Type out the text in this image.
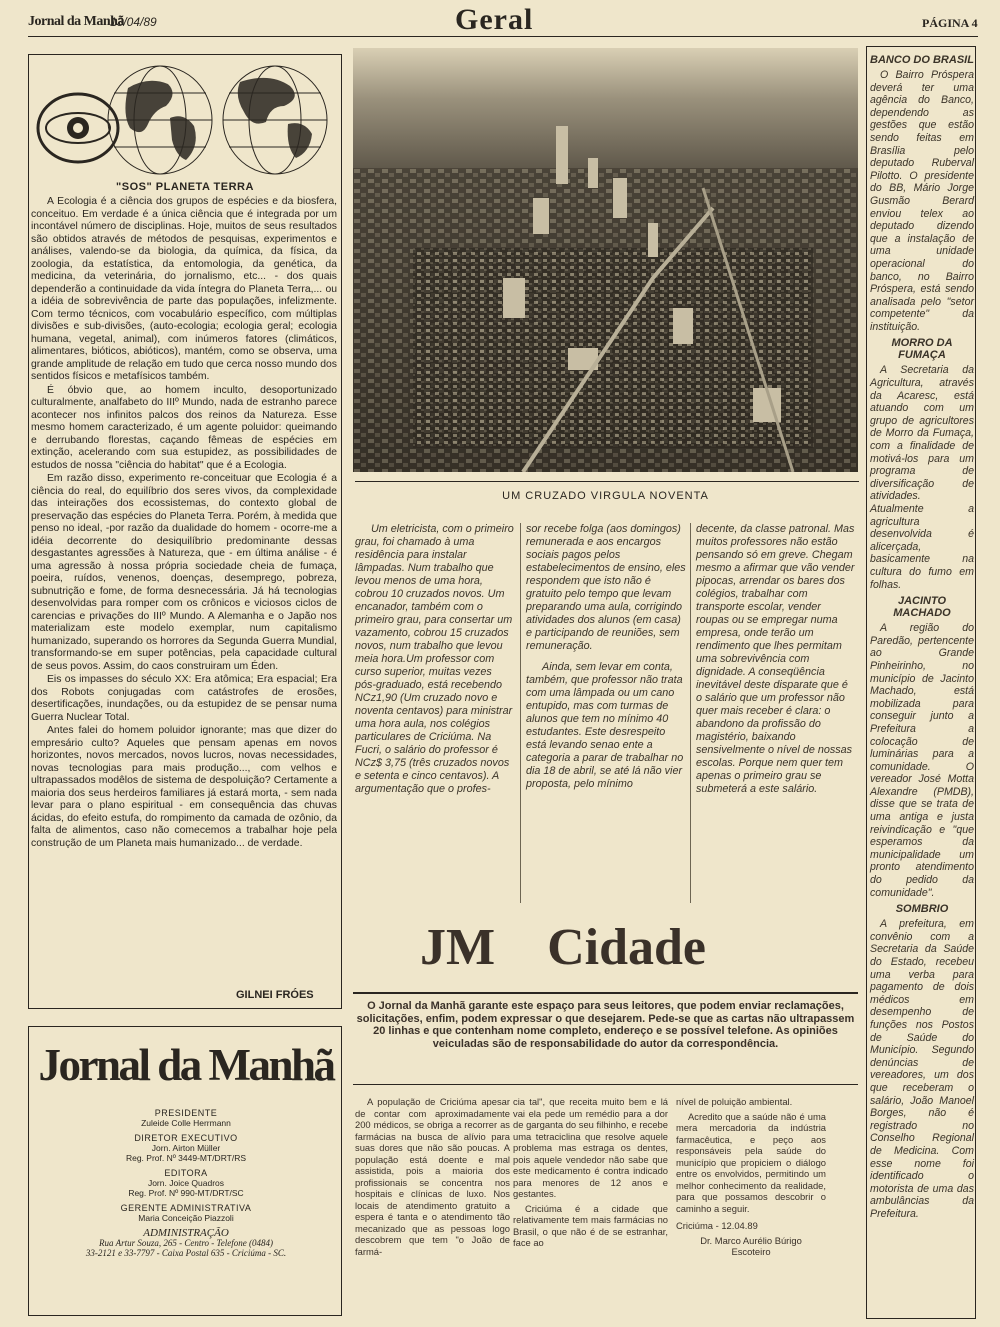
Jornal da Manhã
13/04/89	Geral	PÁGINA 4
"SOS" PLANETA TERRA

A Ecologia é a ciência dos grupos de espécies e da biosfera, conceituo. Em verdade é a única ciência que é integrada por um incontável número de disciplinas. Hoje, muitos de seus resultados são obtidos através de métodos de pesquisas, experimentos e análises, valendo-se da biologia, da química, da física, da zoologia, da estatística, da entomologia, da genética, da medicina, da veterinária, do jornalismo, etc... - dos quais dependerão a continuidade da vida íntegra do Planeta Terra,... ou a idéia de sobrevivência de parte das populações, infelizmente. Com termo técnicos, com vocabulário específico, com múltiplas divisões e sub-divisões, (auto-ecologia; ecologia geral; ecologia humana, vegetal, animal), com inúmeros fatores (climáticos, alimentares, bióticos, abióticos), mantém, como se observa, uma grande amplitude de relação em tudo que cerca nosso mundo dos sentidos físicos e metafísicos também.

É óbvio que, ao homem inculto, desoportunizado culturalmente, analfabeto do IIIº Mundo, nada de estranho parece acontecer nos infinitos palcos dos reinos da Natureza. Esse mesmo homem caracterizado, é um agente poluidor: queimando e derrubando florestas, caçando fêmeas de espécies em extinção, acelerando com sua estupidez, as possibilidades de estudos de nossa "ciência do habitat" que é a Ecologia.

Em razão disso, experimento re-conceituar que Ecologia é a ciência do real, do equilíbrio dos seres vivos, da complexidade das inteirações dos ecossistemas, do contexto global de preservação das espécies do Planeta Terra. Porém, à medida que penso no ideal, -por razão da dualidade do homem - ocorre-me a idéia decorrente do desiquilíbrio predominante dessas desgastantes agressões à Natureza, que - em última análise - é uma agressão à nossa própria sociedade cheia de fumaça, poeira, ruídos, venenos, doenças, desemprego, pobreza, subnutrição e fome, de forma desnecessária. Já há tecnologias desenvolvidas para romper com os crônicos e viciosos ciclos de carencias e privações do IIIº Mundo. A Alemanha e o Japão nos materializam este modelo exemplar, num capitalismo humanizado, superando os horrores da Segunda Guerra Mundial, transformando-se em super potências, pela capacidade cultural de seus povos. Assim, do caos construiram um Éden.

Eis os impasses do século XX: Era atômica; Era espacial; Era dos Robots conjugadas com catástrofes de erosões, desertificações, inundações, ou da estupidez de se pensar numa Guerra Nuclear Total.

Antes falei do homem poluidor ignorante; mas que dizer do empresário culto? Aqueles que pensam apenas em novos horizontes, novos mercados, novos lucros, novas necessidades, novas tecnologias para mais produção..., com velhos e ultrapassados modêlos de sistema de despoluição? Certamente a maioria dos seus herdeiros familiares já estará morta, - sem nada levar para o plano espiritual - em consequência das chuvas ácidas, do efeito estufa, do rompimento da camada de ozônio, da falta de alimentos, caso não comecemos a trabalhar hoje pela construção de um Planeta mais humanizado... de verdade.

GILNEI FRÓES
Jornal da Manhã
PRESIDENTE
Zuleide Colle Herrmann
DIRETOR EXECUTIVO
Jorn. Airton Müller
Reg. Prof. Nº 3449-MT/DRT/RS
EDITORA
Jorn. Joice Quadros
Reg. Prof. Nº 990-MT/DRT/SC
GERENTE ADMINISTRATIVA
Maria Conceição Piazzoli
ADMINISTRAÇÃO
Rua Artur Souza, 265 - Centro - Telefone (0484)
33-2121 e 33-7797 - Caixa Postal 635 - Criciúma - SC.
UM CRUZADO VIRGULA NOVENTA

Um eletricista, com o primeiro grau, foi chamado à uma residência para instalar lâmpadas. Num trabalho que levou menos de uma hora, cobrou 10 cruzados novos. Um encanador, também com o primeiro grau, para consertar um vazamento, cobrou 15 cruzados novos, num trabalho que levou meia hora.Um professor com curso superior, muitas vezes pós-graduado, está recebendo NCz1,90 (Um cruzado novo e noventa centavos) para ministrar uma hora aula, nos colégios particulares de Criciúma. Na Fucri, o salário do professor é NCz$ 3,75 (três cruzados novos e setenta e cinco centavos). A argumentação que o profes-

sor recebe folga (aos domingos) remunerada e aos encargos sociais pagos pelos estabelecimentos de ensino, eles respondem que isto não é gratuito pelo tempo que levam preparando uma aula, corrigindo atividades dos alunos (em casa) e participando de reuniões, sem remuneração.

Ainda, sem levar em conta, também, que professor não trata com uma lâmpada ou um cano entupido, mas com turmas de alunos que tem no mínimo 40 estudantes. Este desrespeito está levando senao ente a categoria a parar de trabalhar no dia 18 de abril, se até lá não vier proposta, pelo mínimo

decente, da classe patronal. Mas muitos professores não estão pensando só em greve. Chegam mesmo a afirmar que vão vender pipocas, arrendar os bares dos colégios, trabalhar com transporte escolar, vender roupas ou se empregar numa empresa, onde terão um rendimento que lhes permitam uma sobrevivência com dignidade. A conseqüência inevitável deste disparate que é o salário que um professor não quer mais receber é clara: o abandono da profissão do magistério, baixando sensivelmente o nível de nossas escolas. Porque nem quer tem apenas o primeiro grau se submeterá a este salário.

JM Cidade
O Jornal da Manhã garante este espaço para seus leitores, que podem enviar reclamações, solicitações, enfim, podem expressar o que desejarem. Pede-se que as cartas não ultrapassem 20 linhas e que contenham nome completo, endereço e se possível telefone. As opiniões veiculadas são de responsabilidade do autor da correspondência.

A população de Criciúma apesar de contar com aproximadamente 200 médicos, se obriga a recorrer as farmácias na busca de alívio para suas dores que não são poucas. A população está doente e mal assistida, pois a maioria dos profissionais se concentra nos hospitais e clínicas de luxo. Nos locais de atendimento gratuito a espera é tanta e o atendimento tão mecanizado que as pessoas logo descobrem que tem "o João de farmá-

cia tal", que receita muito bem e lá vai ela pede um remédio para a dor de garganta do seu filhinho, e recebe uma tetraciclina que resolve aquele problema mas estraga os dentes, pois aquele vendedor não sabe que este medicamento é contra indicado para menores de 12 anos e gestantes.

Criciúma é a cidade que relativamente tem mais farmácias no Brasil, o que não é de se estranhar, face ao

nível de poluição ambiental.

Acredito que a saúde não é uma mera mercadoria da indústria farmacêutica, e peço aos responsáveis pela saúde do município que propiciem o diálogo entre os envolvidos, permitindo um melhor conhecimento da realidade, para que possamos descobrir o caminho a seguir.

Criciúma - 12.04.89

Dr. Marco Aurélio Búrigo
Escoteiro
BANCO DO BRASIL

O Bairro Próspera deverá ter uma agência do Banco, dependendo as gestões que estão sendo feitas em Brasília pelo deputado Ruberval Pilotto. O presidente do BB, Mário Jorge Gusmão Berard enviou telex ao deputado dizendo que a instalação de uma unidade operacional do banco, no Bairro Próspera, está sendo analisada pelo "setor competente" da instituição.

MORRO DA FUMAÇA

A Secretaria da Agricultura, através da Acaresc, está atuando com um grupo de agricultores de Morro da Fumaça, com a finalidade de motivá-los para um programa de diversificação de atividades. Atualmente a agricultura desenvolvida é alicerçada, basicamente na cultura do fumo em folhas.

JACINTO MACHADO

A região do Paredão, pertencente ao Grande Pinheirinho, no município de Jacinto Machado, está mobilizada para conseguir junto a Prefeitura a colocação de luminárias para a comunidade. O vereador José Motta Alexandre (PMDB), disse que se trata de uma antiga e justa reivindicação e "que esperamos da municipalidade um pronto atendimento do pedido da comunidade".

SOMBRIO

A prefeitura, em convênio com a Secretaria da Saúde do Estado, recebeu uma verba para pagamento de dois médicos em desempenho de funções nos Postos de Saúde do Município. Segundo denúncias de vereadores, um dos que receberam o salário, João Manoel Borges, não é registrado no Conselho Regional de Medicina. Com esse nome foi identificado o motorista de uma das ambulâncias da Prefeitura.
